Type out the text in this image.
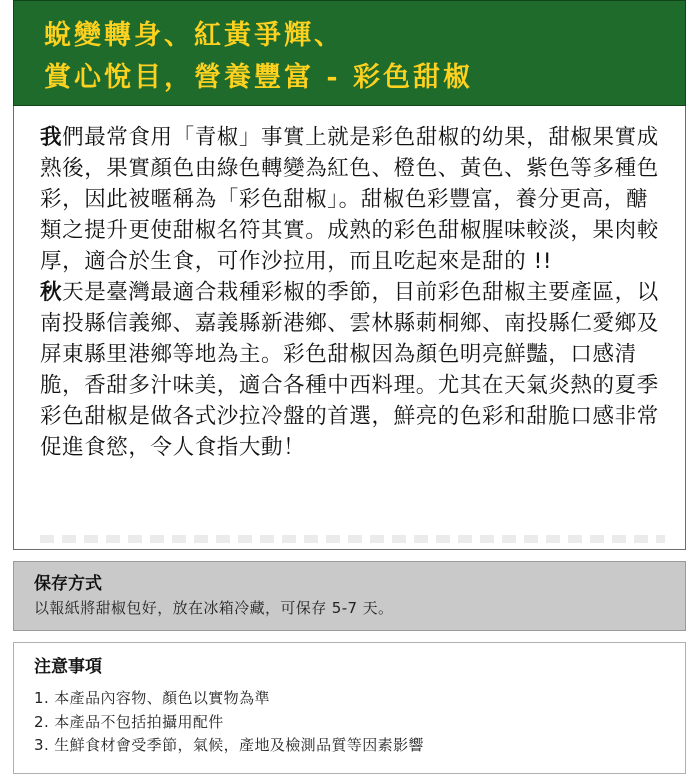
蛻變轉身、紅黃爭輝、
賞心悅目，營養豐富 - 彩色甜椒

我們最常食用「青椒」事實上就是彩色甜椒的幼果，甜椒果實成熟後，果實顏色由綠色轉變為紅色、橙色、黃色、紫色等多種色彩，因此被暱稱為「彩色甜椒」。甜椒色彩豐富，養分更高，醣類之提升更使甜椒名符其實。成熟的彩色甜椒腥味較淡，果肉較厚，適合於生食，可作沙拉用，而且吃起來是甜的 !!

秋天是臺灣最適合栽種彩椒的季節，目前彩色甜椒主要產區，以南投縣信義鄉、嘉義縣新港鄉、雲林縣莿桐鄉、南投縣仁愛鄉及屏東縣里港鄉等地為主。彩色甜椒因為顏色明亮鮮豔，口感清脆，香甜多汁味美，適合各種中西料理。尤其在天氣炎熱的夏季彩色甜椒是做各式沙拉冷盤的首選，鮮亮的色彩和甜脆口感非常促進食慾，令人食指大動！

保存方式
以報紙將甜椒包好，放在冰箱冷藏，可保存 5-7 天。
注意事項
1. 本產品內容物、顏色以實物為準
2. 本產品不包括拍攝用配件
3. 生鮮食材會受季節，氣候，產地及檢測品質等因素影響
